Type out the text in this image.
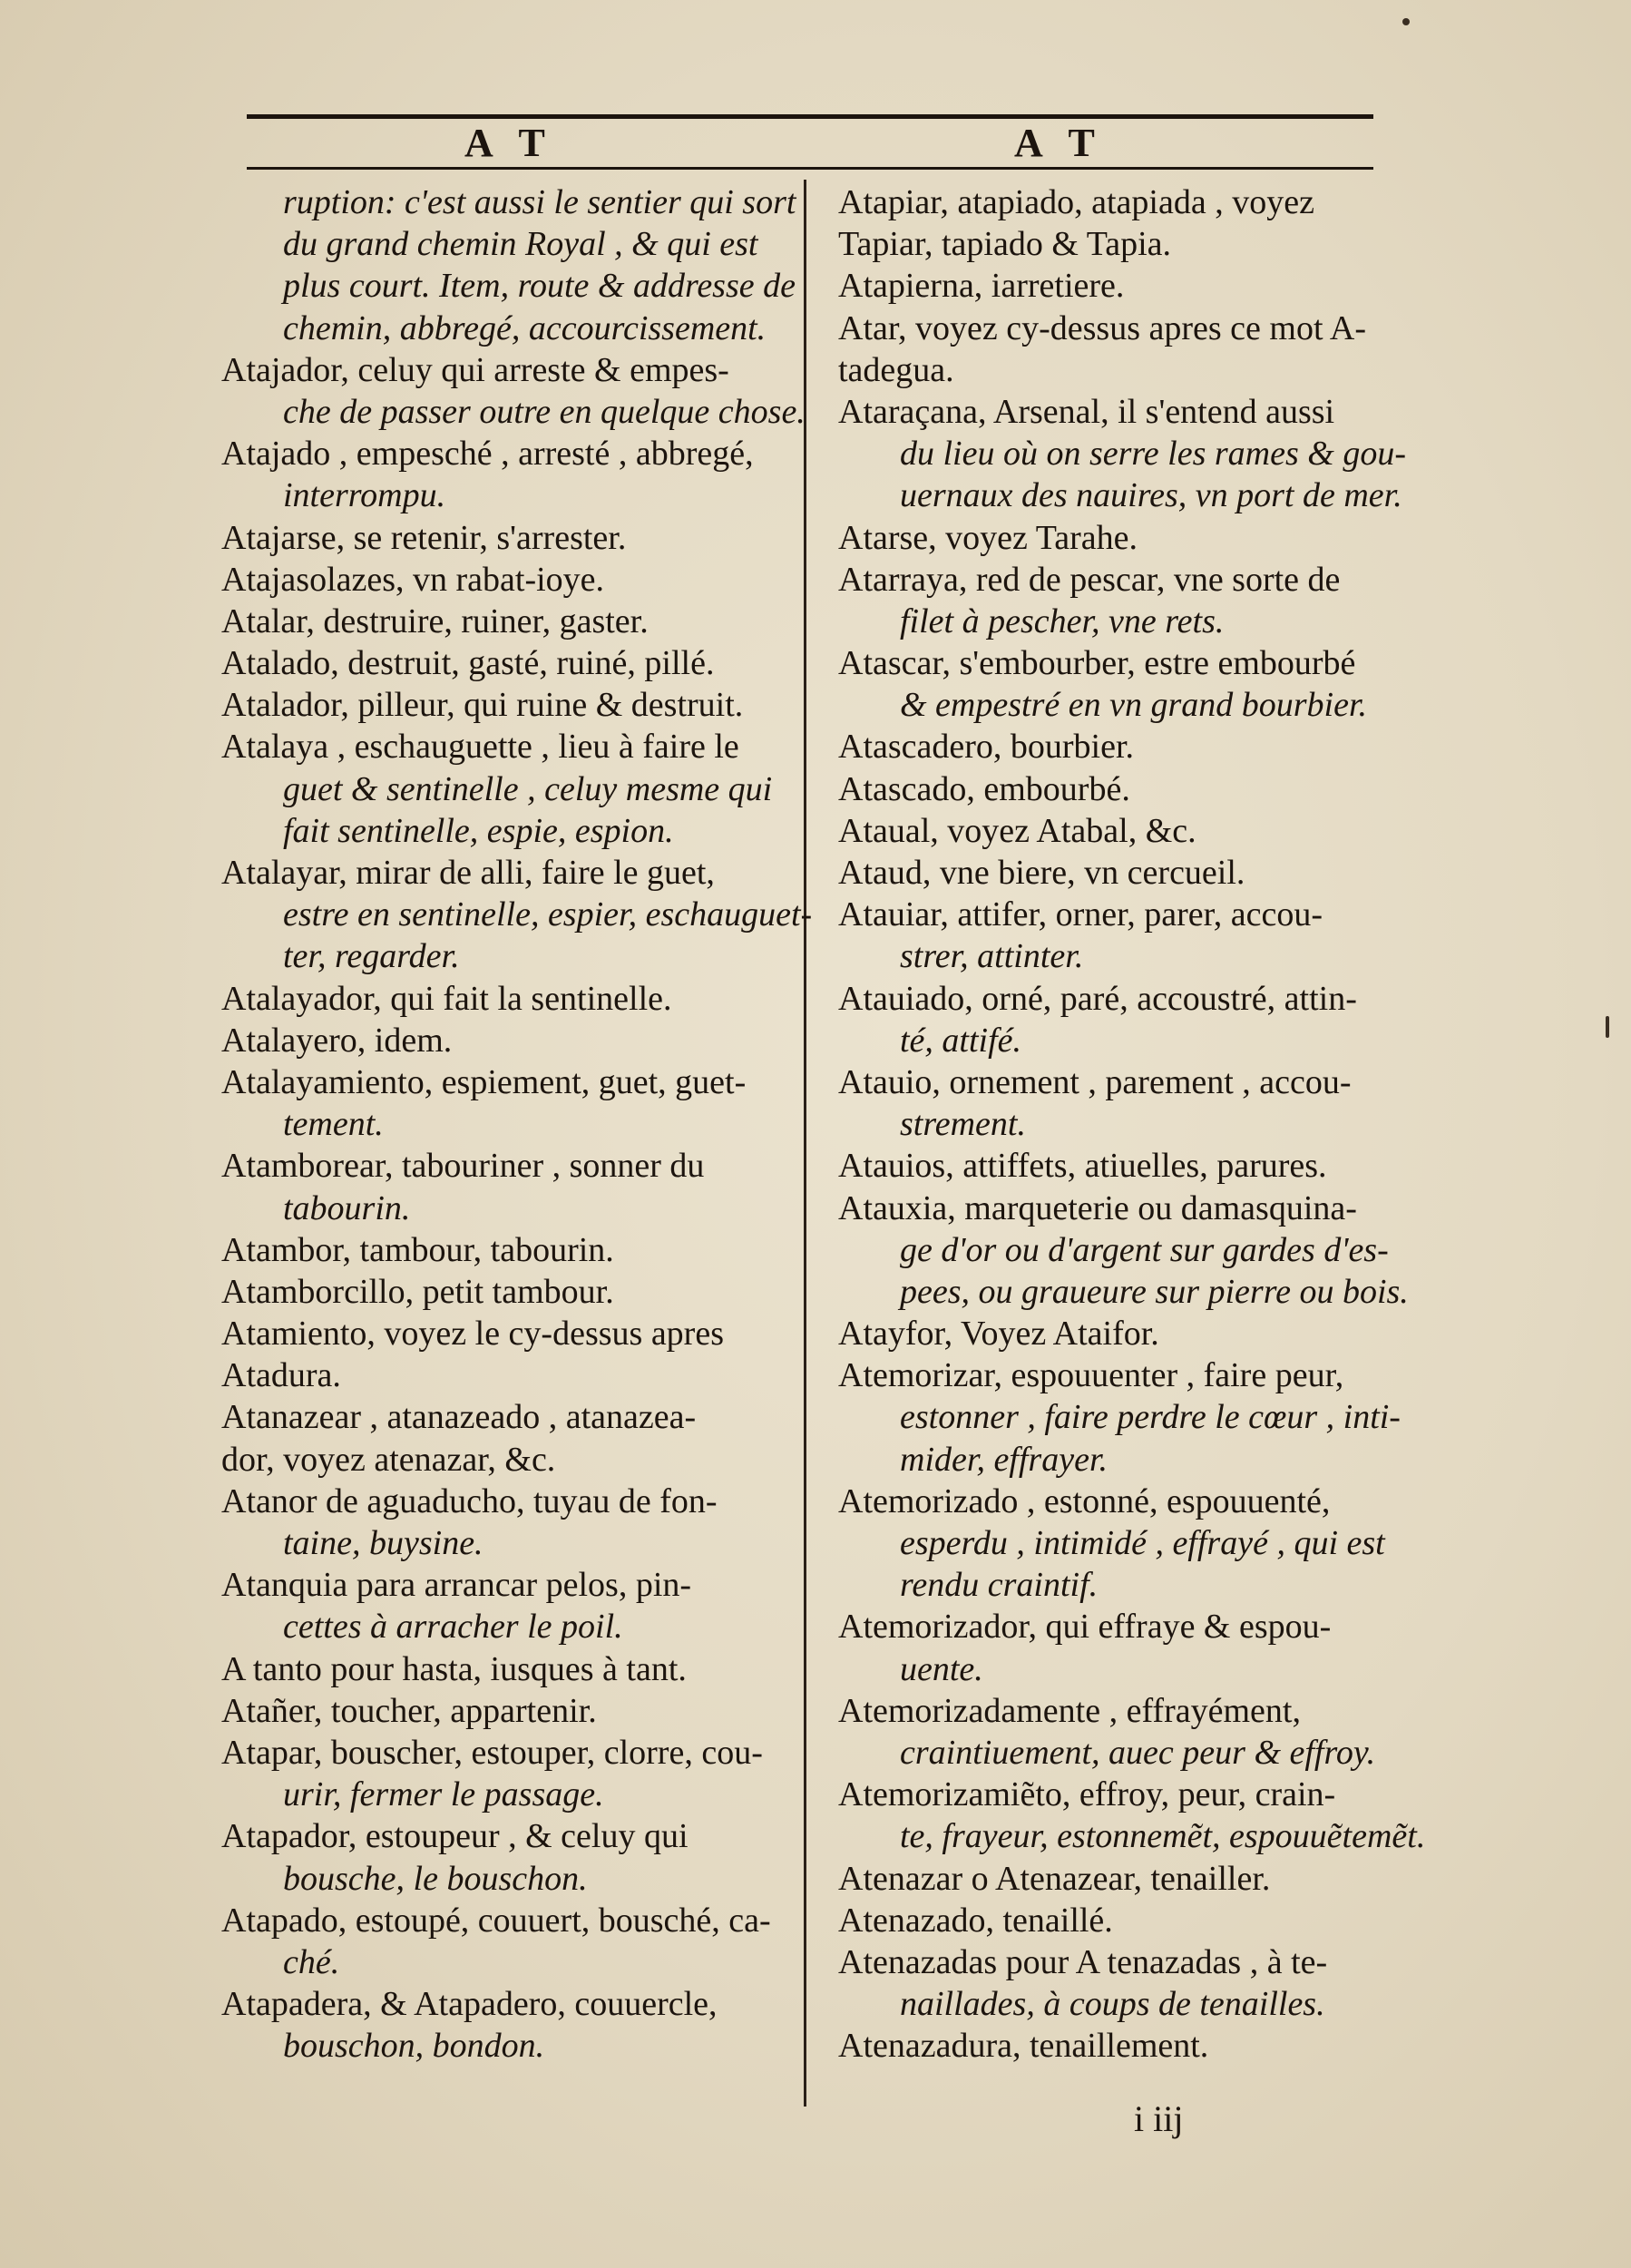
A T	A T
ruption: c'est aussi le sentier qui sort
du grand chemin Royal , & qui est
plus court. Item, route & addresse de
chemin, abbregé, accourcissement.
Atajador, celuy qui arreste & empes-
che de passer outre en quelque chose.
Atajado , empesché , arresté , abbregé,
interrompu.
Atajarse, se retenir, s'arrester.
Atajasolazes, vn rabat-ioye.
Atalar, destruire, ruiner, gaster.
Atalado, destruit, gasté, ruiné, pillé.
Atalador, pilleur, qui ruine & destruit.
Atalaya , eschauguette , lieu à faire le
guet & sentinelle , celuy mesme qui
fait sentinelle, espie, espion.
Atalayar, mirar de alli, faire le guet,
estre en sentinelle, espier, eschauguet-
ter, regarder.
Atalayador, qui fait la sentinelle.
Atalayero, idem.
Atalayamiento, espiement, guet, guet-
tement.
Atamborear, tabouriner , sonner du
tabourin.
Atambor, tambour, tabourin.
Atamborcillo, petit tambour.
Atamiento, voyez le cy-dessus apres
Atadura.
Atanazear , atanazeado , atanazea-
dor, voyez atenazar, &c.
Atanor de aguaducho, tuyau de fon-
taine, buysine.
Atanquia para arrancar pelos, pin-
cettes à arracher le poil.
A tanto pour hasta, iusques à tant.
Atañer, toucher, appartenir.
Atapar, bouscher, estouper, clorre, cou-
urir, fermer le passage.
Atapador, estoupeur , & celuy qui
bousche, le bouschon.
Atapado, estoupé, couuert, bousché, ca-
ché.
Atapadera, & Atapadero, couuercle,
bouschon, bondon.
Atapiar, atapiado, atapiada , voyez
Tapiar, tapiado & Tapia.
Atapierna, iarretiere.
Atar, voyez cy-dessus apres ce mot A-
tadegua.
Ataraçana, Arsenal, il s'entend aussi
du lieu où on serre les rames & gou-
uernaux des nauires, vn port de mer.
Atarse, voyez Tarahe.
Atarraya, red de pescar, vne sorte de
filet à pescher, vne rets.
Atascar, s'embourber, estre embourbé
& empestré en vn grand bourbier.
Atascadero, bourbier.
Atascado, embourbé.
Ataual, voyez Atabal, &c.
Ataud, vne biere, vn cercueil.
Atauiar, attifer, orner, parer, accou-
strer, attinter.
Atauiado, orné, paré, accoustré, attin-
té, attifé.
Atauio, ornement , parement , accou-
strement.
Atauios, attiffets, atiuelles, parures.
Atauxia, marqueterie ou damasquina-
ge d'or ou d'argent sur gardes d'es-
pees, ou graueure sur pierre ou bois.
Atayfor, Voyez Ataifor.
Atemorizar, espouuenter , faire peur,
estonner , faire perdre le cœur , inti-
mider, effrayer.
Atemorizado , estonné, espouuenté,
esperdu , intimidé , effrayé , qui est
rendu craintif.
Atemorizador, qui effraye & espou-
uente.
Atemorizadamente , effrayément,
craintiuement, auec peur & effroy.
Atemorizamiẽto, effroy, peur, crain-
te, frayeur, estonnemẽt, espouuẽtemẽt.
Atenazar o Atenazear, tenailler.
Atenazado, tenaillé.
Atenazadas pour A tenazadas , à te-
naillades, à coups de tenailles.
Atenazadura, tenaillement.
i iij
